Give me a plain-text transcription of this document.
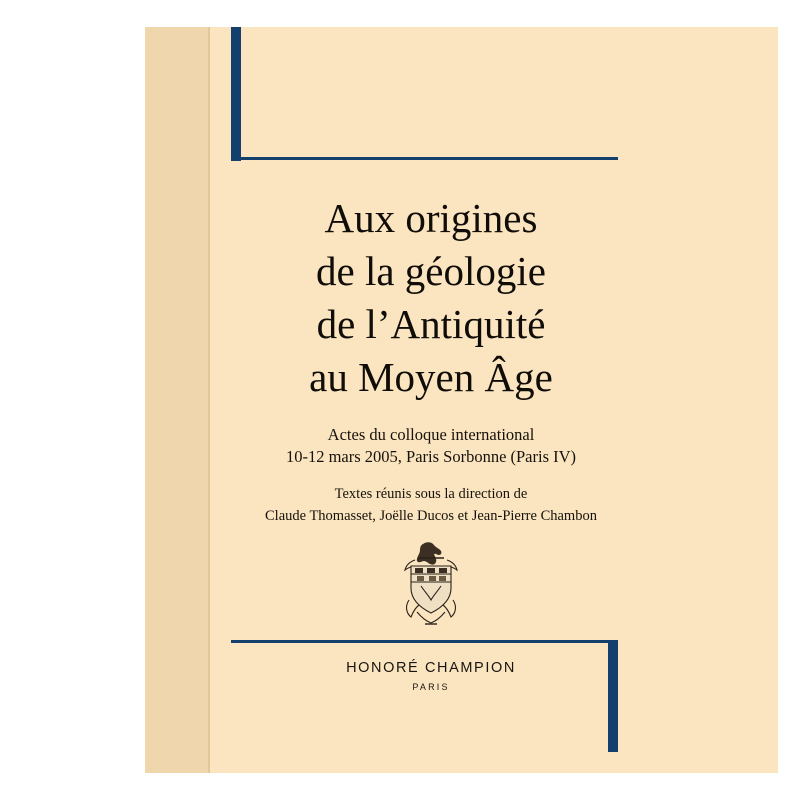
Aux origines
de la géologie
de l’Antiquité
au Moyen Âge
Actes du colloque international
10-12 mars 2005, Paris Sorbonne (Paris IV)
Textes réunis sous la direction de
Claude Thomasset, Joëlle Ducos et Jean-Pierre Chambon
HONORÉ CHAMPION
PARIS
